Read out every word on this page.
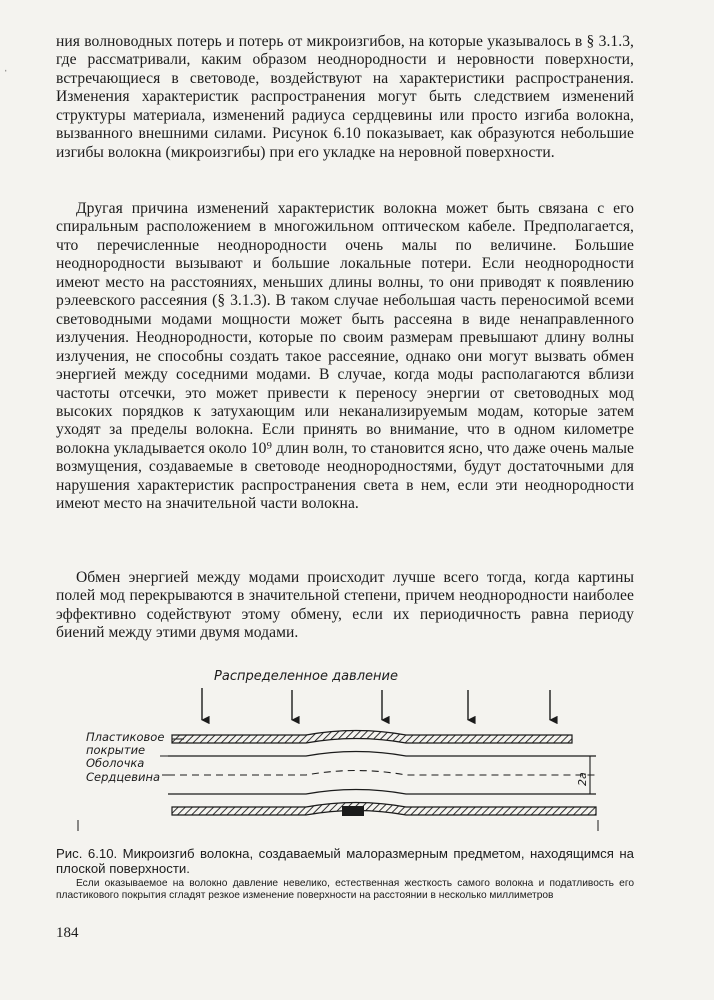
ния волноводных потерь и потерь от микроизгибов, на которые указывалось в § 3.1.3, где рассматривали, каким образом неоднородности и неровности поверхности, встречающиеся в световоде, воздействуют на характеристики распространения. Изменения характеристик распространения могут быть следствием изменений структуры материала, изменений радиуса сердцевины или просто изгиба волокна, вызванного внешними силами. Рисунок 6.10 показывает, как образуются небольшие изгибы волокна (микроизгибы) при его укладке на неровной поверхности.

Другая причина изменений характеристик волокна может быть связана с его спиральным расположением в многожильном оптическом кабеле. Предполагается, что перечисленные неоднородности очень малы по величине. Большие неоднородности вызывают и большие локальные потери. Если неоднородности имеют место на расстояниях, меньших длины волны, то они приводят к появлению рэлеевского рассеяния (§ 3.1.3). В таком случае небольшая часть переносимой всеми световодными модами мощности может быть рассеяна в виде ненаправленного излучения. Неоднородности, которые по своим размерам превышают длину волны излучения, не способны создать такое рассеяние, однако они могут вызвать обмен энергией между соседними модами. В случае, когда моды располагаются вблизи частоты отсечки, это может привести к переносу энергии от световодных мод высоких порядков к затухающим или неканализируемым модам, которые затем уходят за пределы волокна. Если принять во внимание, что в одном километре волокна укладывается около 10⁹ длин волн, то становится ясно, что даже очень малые возмущения, создаваемые в световоде неоднородностями, будут достаточными для нарушения характеристик распространения света в нем, если эти неоднородности имеют место на значительной части волокна.

Обмен энергией между модами происходит лучше всего тогда, когда картины полей мод перекрываются в значительной степени, причем неоднородности наиболее эффективно содействуют этому обмену, если их периодичность равна периоду биений между этими двумя модами.

ˌ
Распределенное давление
Пластиковое
покрытие
Оболочка
Сердцевина	2a

Рис. 6.10. Микроизгиб волокна, создаваемый малоразмерным предметом, находящимся на плоской поверхности.

Если оказываемое на волокно давление невелико, естественная жесткость самого волокна и податливость его пластикового покрытия сгладят резкое изменение поверхности на расстоянии в несколько миллиметров

184
